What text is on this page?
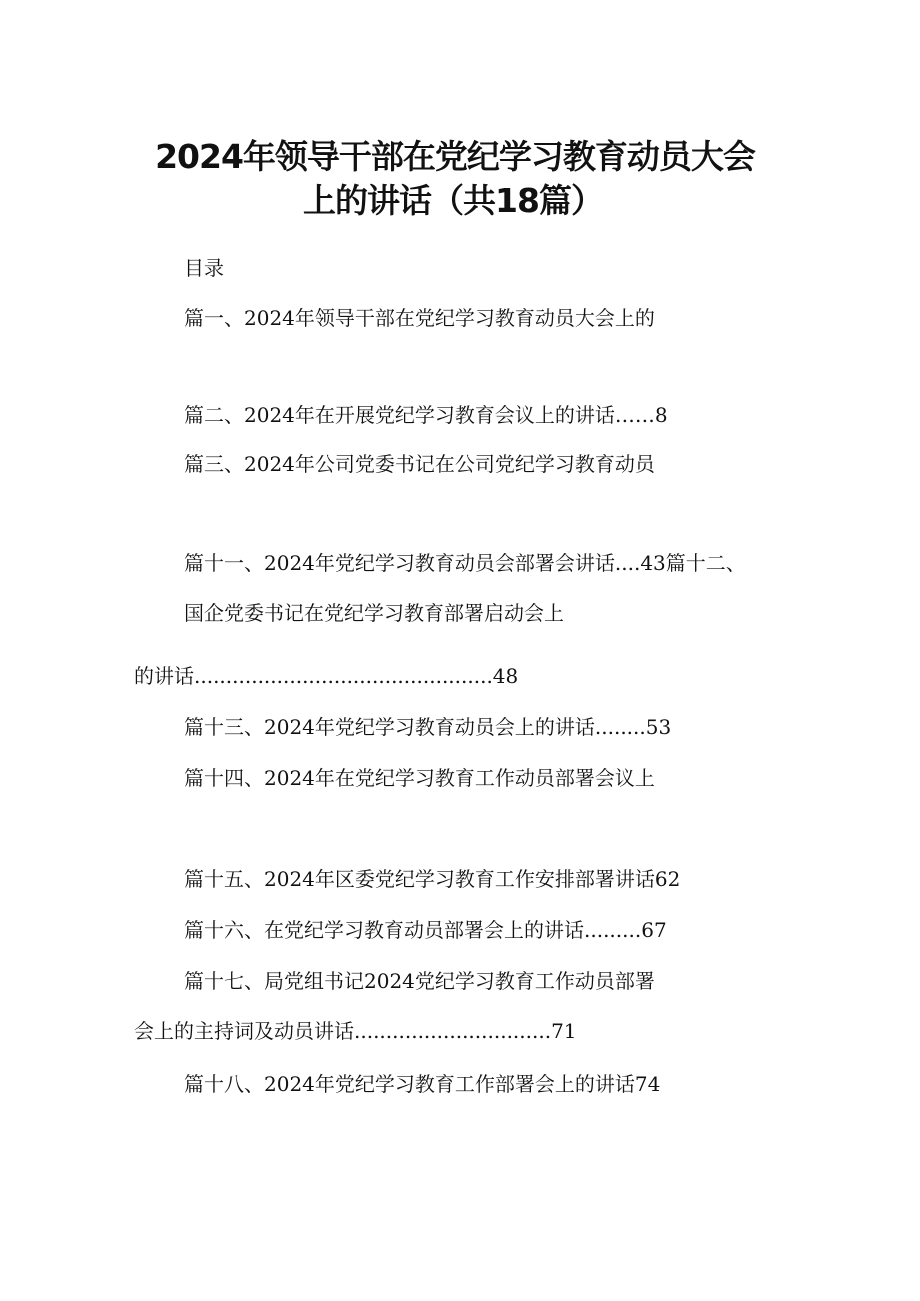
2024年领导干部在党纪学习教育动员大会
上的讲话（共18篇）
目录
篇一、2024年领导干部在党纪学习教育动员大会上的
篇二、2024年在开展党纪学习教育会议上的讲话……8
篇三、2024年公司党委书记在公司党纪学习教育动员
篇十一、2024年党纪学习教育动员会部署会讲话....43篇十二、
国企党委书记在党纪学习教育部署启动会上
的讲话...............................................48
篇十三、2024年党纪学习教育动员会上的讲话........53
篇十四、2024年在党纪学习教育工作动员部署会议上
篇十五、2024年区委党纪学习教育工作安排部署讲话62
篇十六、在党纪学习教育动员部署会上的讲话.........67
篇十七、局党组书记2024党纪学习教育工作动员部署
会上的主持词及动员讲话...............................71
篇十八、2024年党纪学习教育工作部署会上的讲话74
